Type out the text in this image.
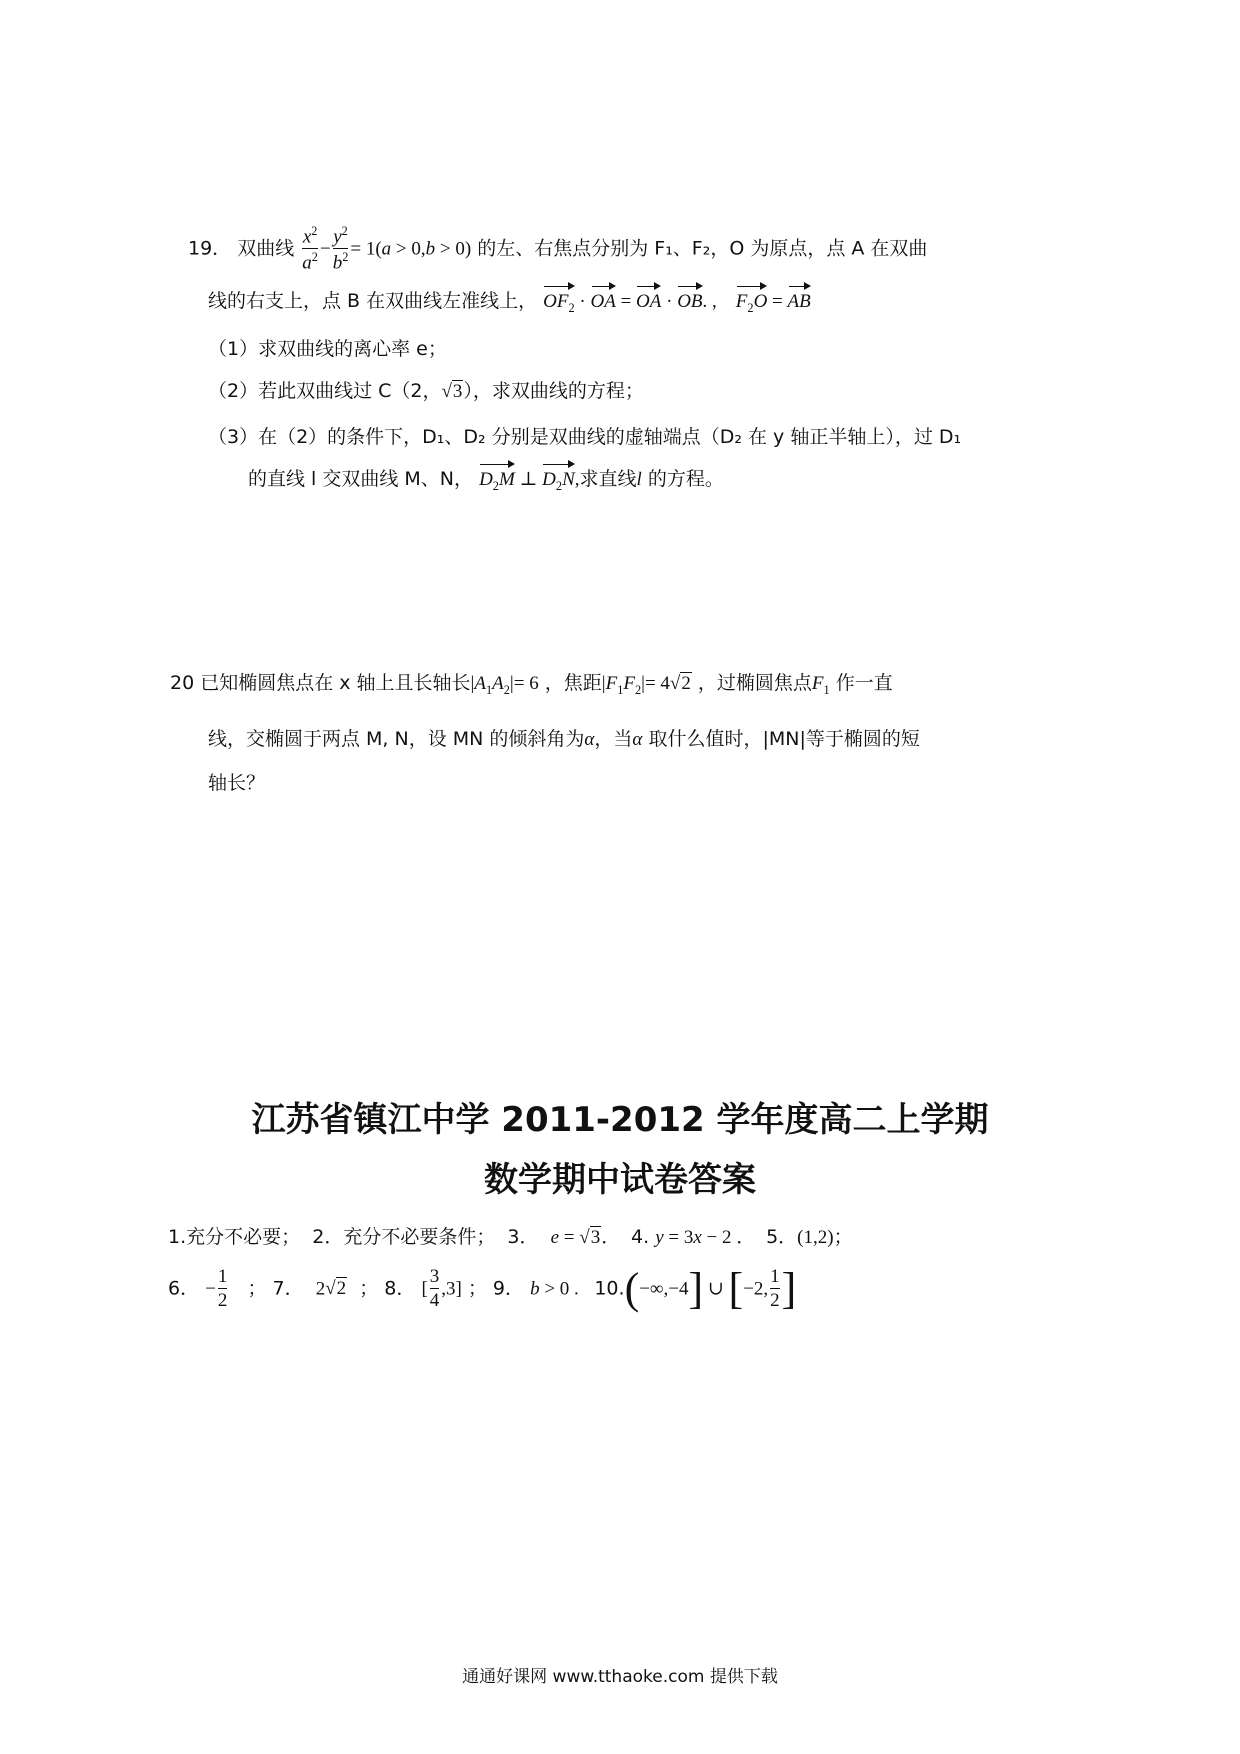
19． 双曲线 $\frac{x^2}{a^2} - \frac{y^2}{b^2} = 1(a > 0,b > 0)$ 的左、右焦点分别为 F₁、F₂，O 为原点，点 A 在双曲
线的右支上，点 B 在双曲线左准线上， $OF_2$ · OA = OA · OB. ,    $F_2O$ = AB
（1）求双曲线的离心率 e；
（2）若此双曲线过 C（2，√3），求双曲线的方程；
（3）在（2）的条件下，D₁、D₂ 分别是双曲线的虚轴端点（D₂ 在 y 轴正半轴上），过 D₁
的直线 l 交双曲线 M、N， $D_2M$ ⊥ $D_2N$,求直线l 的方程。
20 已知椭圆焦点在 x 轴上且长轴长$|A_1A_2|= 6$ ，焦距$|F_1F_2|= 4√2$ ，过椭圆焦点$F_1$ 作一直
线，交椭圆于两点 M, N，设 MN 的倾斜角为α，当α 取什么值时，|MN|等于椭圆的短
轴长？
江苏省镇江中学 2011-2012 学年度高二上学期
数学期中试卷答案
1.充分不必要； 2．充分不必要条件； 3． e = √3．  4. y = 3x − 2 ．  5．(1,2)；
6． − $\frac{1}{2}$ ； 7． 2√2 ； 8． [ $\frac{3}{4} ,3$] ； 9． b > 0 .   10.(−∞,−4] ∪ [−2, $\frac{1}{2}$ ]
通通好课网 www.tthaoke.com 提供下载
